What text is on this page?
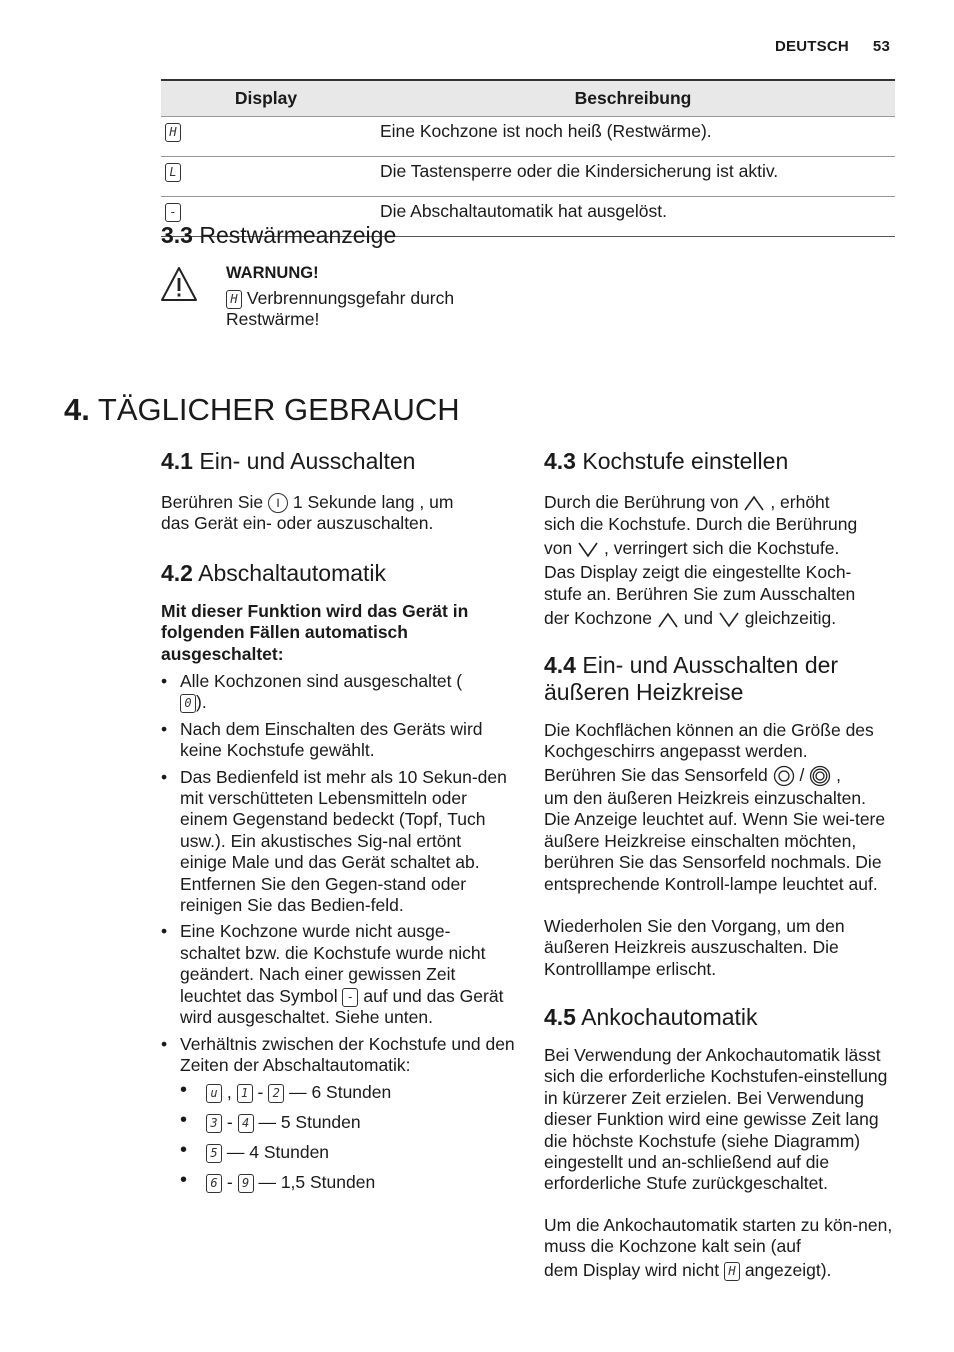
DEUTSCH 53
Display	Beschreibung
H	Eine Kochzone ist noch heiß (Restwärme).
L	Die Tastensperre oder die Kindersicherung ist aktiv.
-	Die Abschaltautomatik hat ausgelöst.
3.3 Restwärmeanzeige
WARNUNG!
H Verbrennungsgefahr durch
Restwärme!
4. TÄGLICHER GEBRAUCH
4.1 Ein- und Ausschalten
Berühren Sie I 1 Sekunde lang , um
das Gerät ein- oder auszuschalten.
4.2 Abschaltautomatik
Mit dieser Funktion wird das Gerät in folgenden Fällen automatisch ausgeschaltet:
• Alle Kochzonen sind ausgeschaltet (
0 ).
• Nach dem Einschalten des Geräts wird keine Kochstufe gewählt.
• Das Bedienfeld ist mehr als 10 Sekun-den mit verschütteten Lebensmitteln oder einem Gegenstand bedeckt (Topf, Tuch usw.). Ein akustisches Sig-nal ertönt einige Male und das Gerät schaltet ab. Entfernen Sie den Gegen-stand oder reinigen Sie das Bedien-feld.
• Eine Kochzone wurde nicht ausge-schaltet bzw. die Kochstufe wurde nicht geändert. Nach einer gewissen Zeit leuchtet das Symbol - auf und das Gerät wird ausgeschaltet. Siehe unten.
• Verhältnis zwischen der Kochstufe und den Zeiten der Abschaltautomatik:
• u , 1 - 2 — 6 Stunden
• 3 - 4 — 5 Stunden
• 5 — 4 Stunden
• 6 - 9 — 1,5 Stunden
4.3 Kochstufe einstellen
Durch die Berührung von , erhöht
sich die Kochstufe. Durch die Berührung
von , verringert sich die Kochstufe.
Das Display zeigt die eingestellte Koch-
stufe an. Berühren Sie zum Ausschalten
der Kochzone und gleichzeitig.
4.4 Ein- und Ausschalten der
äußeren Heizkreise
Die Kochflächen können an die Größe des Kochgeschirrs angepasst werden.
Berühren Sie das Sensorfeld / ,
um den äußeren Heizkreis einzuschalten. Die Anzeige leuchtet auf. Wenn Sie wei-tere äußere Heizkreise einschalten möchten, berühren Sie das Sensorfeld nochmals. Die entsprechende Kontroll-lampe leuchtet auf.
Wiederholen Sie den Vorgang, um den äußeren Heizkreis auszuschalten. Die Kontrolllampe erlischt.
4.5 Ankochautomatik
Bei Verwendung der Ankochautomatik lässt sich die erforderliche Kochstufen-einstellung in kürzerer Zeit erzielen. Bei Verwendung dieser Funktion wird eine gewisse Zeit lang die höchste Kochstufe (siehe Diagramm) eingestellt und an-schließend auf die erforderliche Stufe zurückgeschaltet.
Um die Ankochautomatik starten zu kön-nen, muss die Kochzone kalt sein (auf
dem Display wird nicht H angezeigt).
